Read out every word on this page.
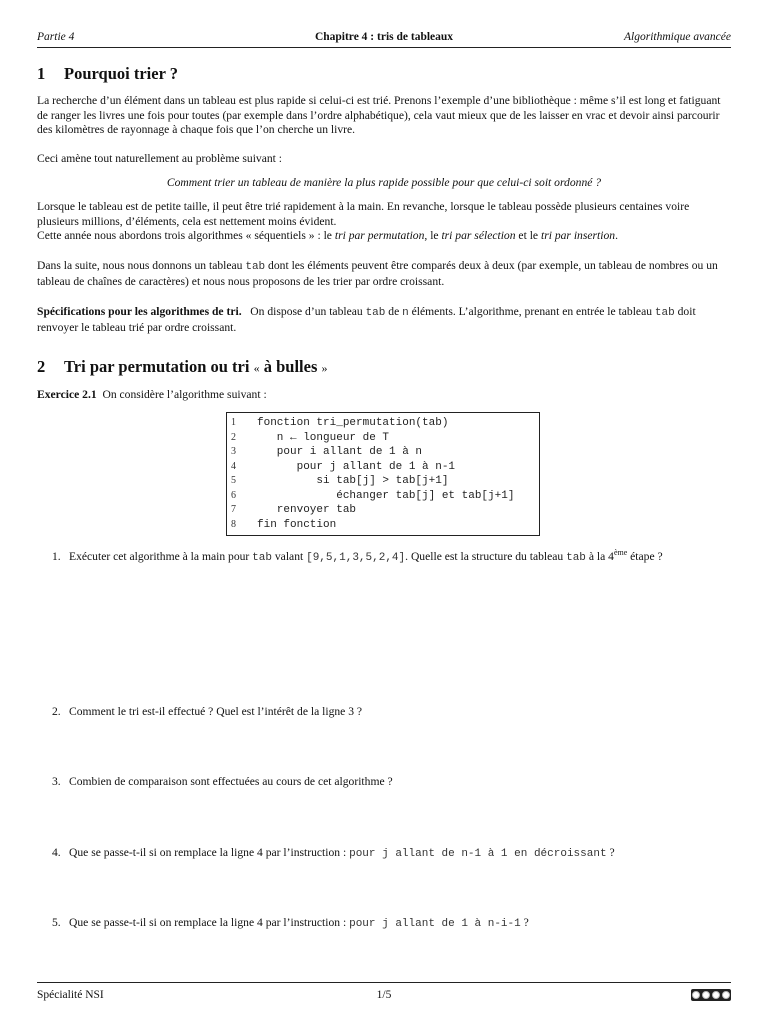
Partie 4	Chapitre 4 : tris de tableaux	Algorithmique avancée
1 Pourquoi trier ?
La recherche d’un élément dans un tableau est plus rapide si celui-ci est trié. Prenons l’exemple d’une bibliothèque : même s’il est long et fatiguant de ranger les livres une fois pour toutes (par exemple dans l’ordre alphabétique), cela vaut mieux que de les laisser en vrac et devoir ainsi parcourir des kilomètres de rayonnage à chaque fois que l’on cherche un livre.
Ceci amène tout naturellement au problème suivant :
Comment trier un tableau de manière la plus rapide possible pour que celui-ci soit ordonné ?
Lorsque le tableau est de petite taille, il peut être trié rapidement à la main. En revanche, lorsque le tableau possède plusieurs centaines voire plusieurs millions, d’éléments, cela est nettement moins évident.
Cette année nous abordons trois algorithmes « séquentiels » : le tri par permutation, le tri par sélection et le tri par insertion.
Dans la suite, nous nous donnons un tableau tab dont les éléments peuvent être comparés deux à deux (par exemple, un tableau de nombres ou un tableau de chaînes de caractères) et nous nous proposons de les trier par ordre croissant.
Spécifications pour les algorithmes de tri.   On dispose d’un tableau tab de n éléments. L’algorithme, prenant en entrée le tableau tab doit renvoyer le tableau trié par ordre croissant.
2 Tri par permutation ou tri « à bulles »
Exercice 2.1  On considère l’algorithme suivant :
1	fonction tri_permutation(tab)
2	n ← longueur de T
3	pour i allant de 1 à n
4	pour j allant de 1 à n-1
5	si tab[j] > tab[j+1]
6	échanger tab[j] et tab[j+1]
7	renvoyer tab
8	fin fonction
1. Exécuter cet algorithme à la main pour tab valant [9,5,1,3,5,2,4]. Quelle est la structure du tableau tab à la 4ème étape ?
2. Comment le tri est-il effectué ? Quel est l’intérêt de la ligne 3 ?
3. Combien de comparaison sont effectuées au cours de cet algorithme ?
4. Que se passe-t-il si on remplace la ligne 4 par l’instruction : pour j allant de n-1 à 1 en décroissant ?
5. Que se passe-t-il si on remplace la ligne 4 par l’instruction : pour j allant de 1 à n-i-1 ?
Spécialité NSI	1/5
